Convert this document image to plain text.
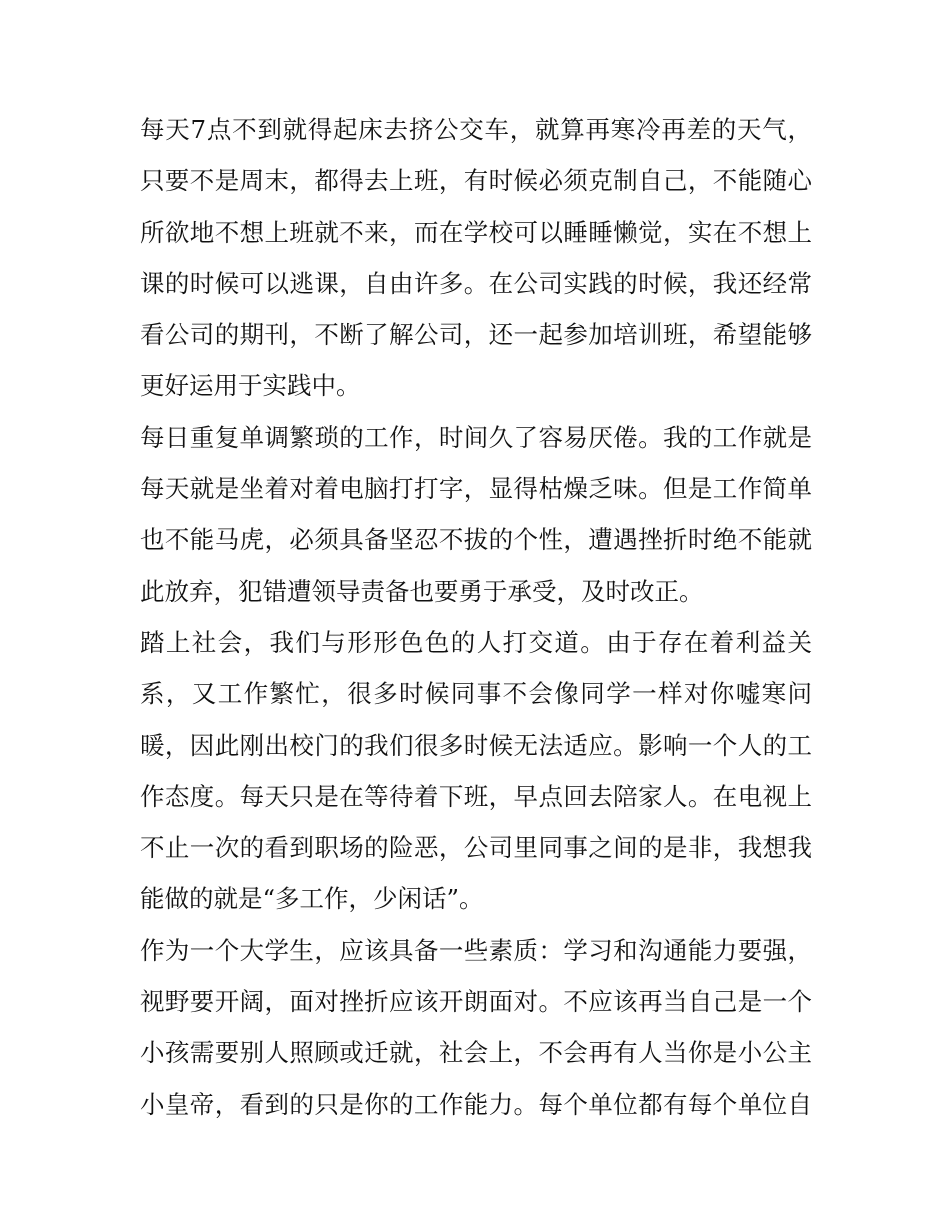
每天7点不到就得起床去挤公交车，就算再寒冷再差的天气，
只要不是周末，都得去上班，有时候必须克制自己，不能随心
所欲地不想上班就不来，而在学校可以睡睡懒觉，实在不想上
课的时候可以逃课，自由许多。在公司实践的时候，我还经常
看公司的期刊，不断了解公司，还一起参加培训班，希望能够
更好运用于实践中。
每日重复单调繁琐的工作，时间久了容易厌倦。我的工作就是
每天就是坐着对着电脑打打字，显得枯燥乏味。但是工作简单
也不能马虎，必须具备坚忍不拔的个性，遭遇挫折时绝不能就
此放弃，犯错遭领导责备也要勇于承受，及时改正。
踏上社会，我们与形形色色的人打交道。由于存在着利益关
系，又工作繁忙，很多时候同事不会像同学一样对你嘘寒问
暖，因此刚出校门的我们很多时候无法适应。影响一个人的工
作态度。每天只是在等待着下班，早点回去陪家人。在电视上
不止一次的看到职场的险恶，公司里同事之间的是非，我想我
能做的就是“多工作，少闲话”。
作为一个大学生，应该具备一些素质：学习和沟通能力要强，
视野要开阔，面对挫折应该开朗面对。不应该再当自己是一个
小孩需要别人照顾或迁就，社会上，不会再有人当你是小公主
小皇帝，看到的只是你的工作能力。每个单位都有每个单位自
